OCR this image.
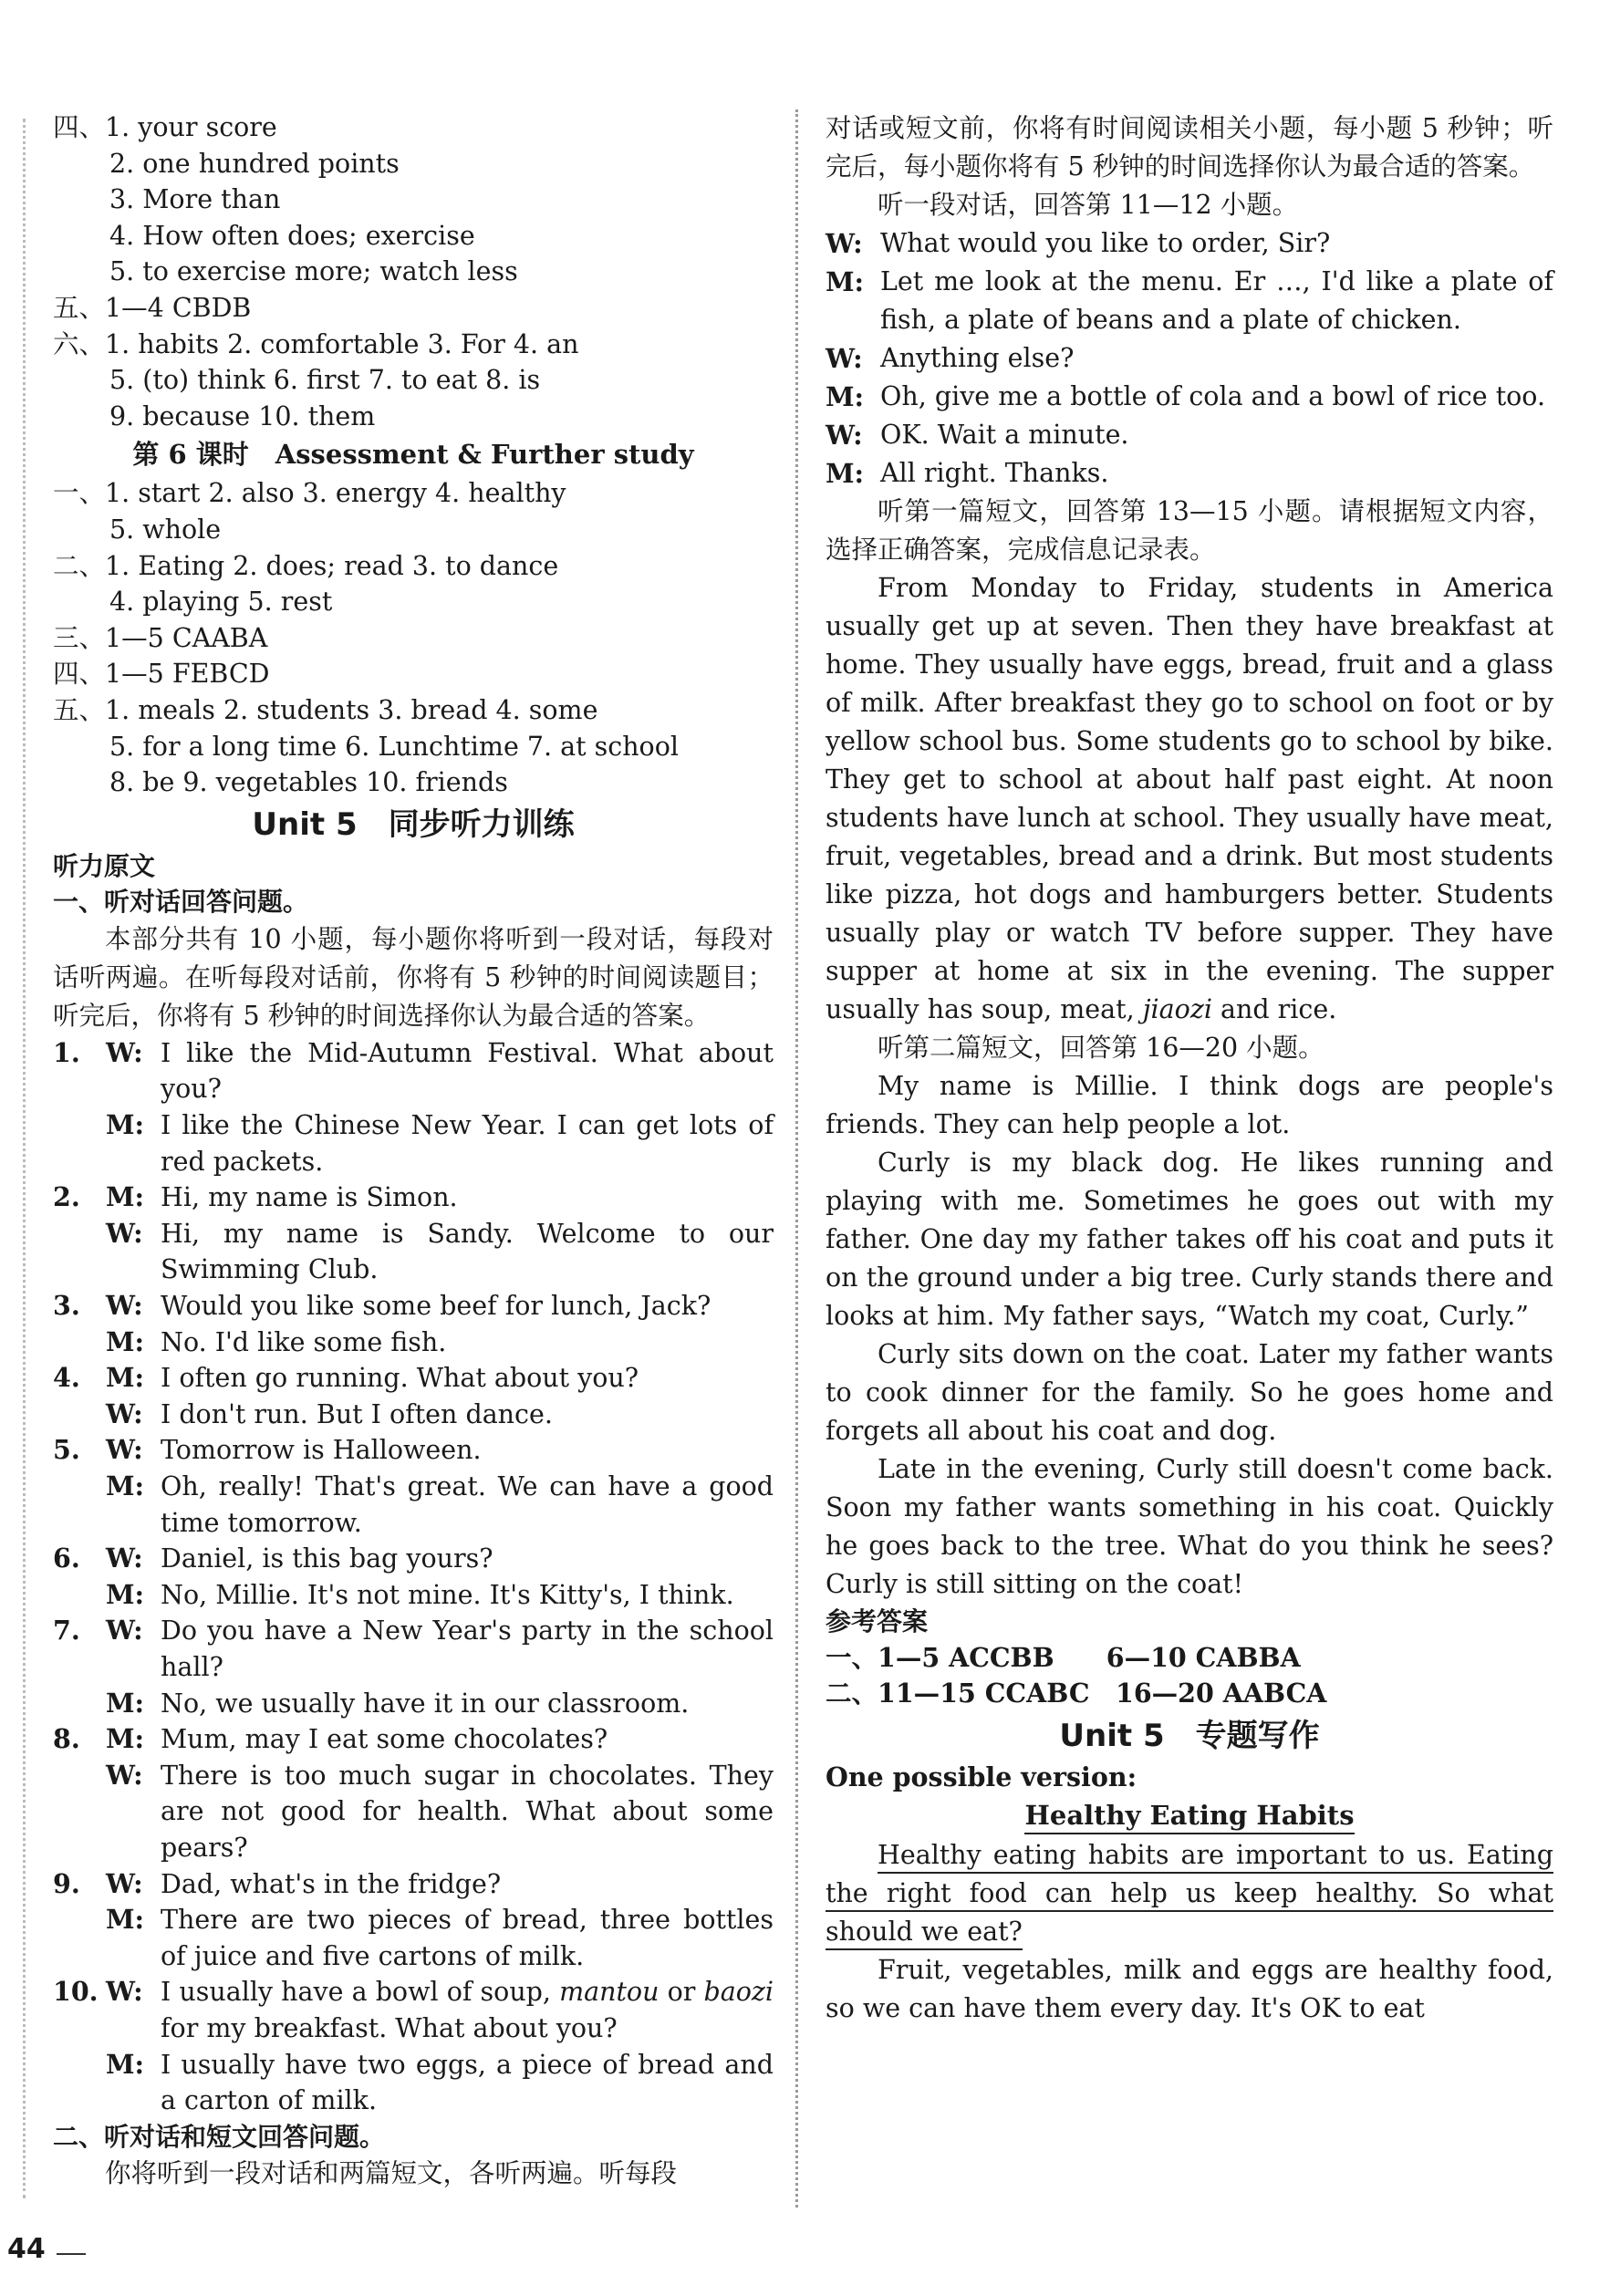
四、1. your score
2. one hundred points
3. More than
4. How often does; exercise
5. to exercise more; watch less
五、1—4 CBDB
六、1. habits 2. comfortable 3. For 4. an
5. (to) think 6. first 7. to eat 8. is
9. because 10. them
第 6 课时　Assessment & Further study
一、1. start 2. also 3. energy 4. healthy
5. whole
二、1. Eating 2. does; read 3. to dance
4. playing 5. rest
三、1—5 CAABA
四、1—5 FEBCD
五、1. meals 2. students 3. bread 4. some
5. for a long time 6. Lunchtime 7. at school
8. be 9. vegetables 10. friends
Unit 5　同步听力训练
听力原文
一、听对话回答问题。

本部分共有 10 小题，每小题你将听到一段对话，每段对话听两遍。在听每段对话前，你将有 5 秒钟的时间阅读题目；听完后，你将有 5 秒钟的时间选择你认为最合适的答案。

1. W: I like the Mid-Autumn Festival. What about you?
M: I like the Chinese New Year. I can get lots of red packets.
2. M: Hi, my name is Simon.
W: Hi, my name is Sandy. Welcome to our Swimming Club.
3. W: Would you like some beef for lunch, Jack?
M: No. I'd like some fish.
4. M: I often go running. What about you?
W: I don't run. But I often dance.
5. W: Tomorrow is Halloween.
M: Oh, really! That's great. We can have a good time tomorrow.
6. W: Daniel, is this bag yours?
M: No, Millie. It's not mine. It's Kitty's, I think.
7. W: Do you have a New Year's party in the school hall?
M: No, we usually have it in our classroom.
8. M: Mum, may I eat some chocolates?
W: There is too much sugar in chocolates. They are not good for health. What about some pears?
9. W: Dad, what's in the fridge?
M: There are two pieces of bread, three bottles of juice and five cartons of milk.
10. W: I usually have a bowl of soup, mantou or baozi for my breakfast. What about you?
M: I usually have two eggs, a piece of bread and a carton of milk.
二、听对话和短文回答问题。

你将听到一段对话和两篇短文，各听两遍。听每段

对话或短文前，你将有时间阅读相关小题，每小题 5 秒钟；听完后，每小题你将有 5 秒钟的时间选择你认为最合适的答案。

听一段对话，回答第 11—12 小题。

W: What would you like to order, Sir?
M: Let me look at the menu. Er …, I'd like a plate of fish, a plate of beans and a plate of chicken.
W: Anything else?
M: Oh, give me a bottle of cola and a bowl of rice too.
W: OK. Wait a minute.
M: All right. Thanks.

听第一篇短文，回答第 13—15 小题。请根据短文内容，选择正确答案，完成信息记录表。

From Monday to Friday, students in America usually get up at seven. Then they have breakfast at home. They usually have eggs, bread, fruit and a glass of milk. After breakfast they go to school on foot or by yellow school bus. Some students go to school by bike. They get to school at about half past eight. At noon students have lunch at school. They usually have meat, fruit, vegetables, bread and a drink. But most students like pizza, hot dogs and hamburgers better. Students usually play or watch TV before supper. They have supper at home at six in the evening. The supper usually has soup, meat, jiaozi and rice.

听第二篇短文，回答第 16—20 小题。

My name is Millie. I think dogs are people's friends. They can help people a lot.

Curly is my black dog. He likes running and playing with me. Sometimes he goes out with my father. One day my father takes off his coat and puts it on the ground under a big tree. Curly stands there and looks at him. My father says, “Watch my coat, Curly.”

Curly sits down on the coat. Later my father wants to cook dinner for the family. So he goes home and forgets all about his coat and dog.

Late in the evening, Curly still doesn't come back. Soon my father wants something in his coat. Quickly he goes back to the tree. What do you think he sees? Curly is still sitting on the coat!

参考答案
一、1—5 ACCBB　　6—10 CABBA
二、11—15 CCABC　16—20 AABCA
Unit 5　专题写作
One possible version:
Healthy Eating Habits

Healthy eating habits are important to us. Eating the right food can help us keep healthy. So what should we eat?

Fruit, vegetables, milk and eggs are healthy food, so we can have them every day. It's OK to eat

44
